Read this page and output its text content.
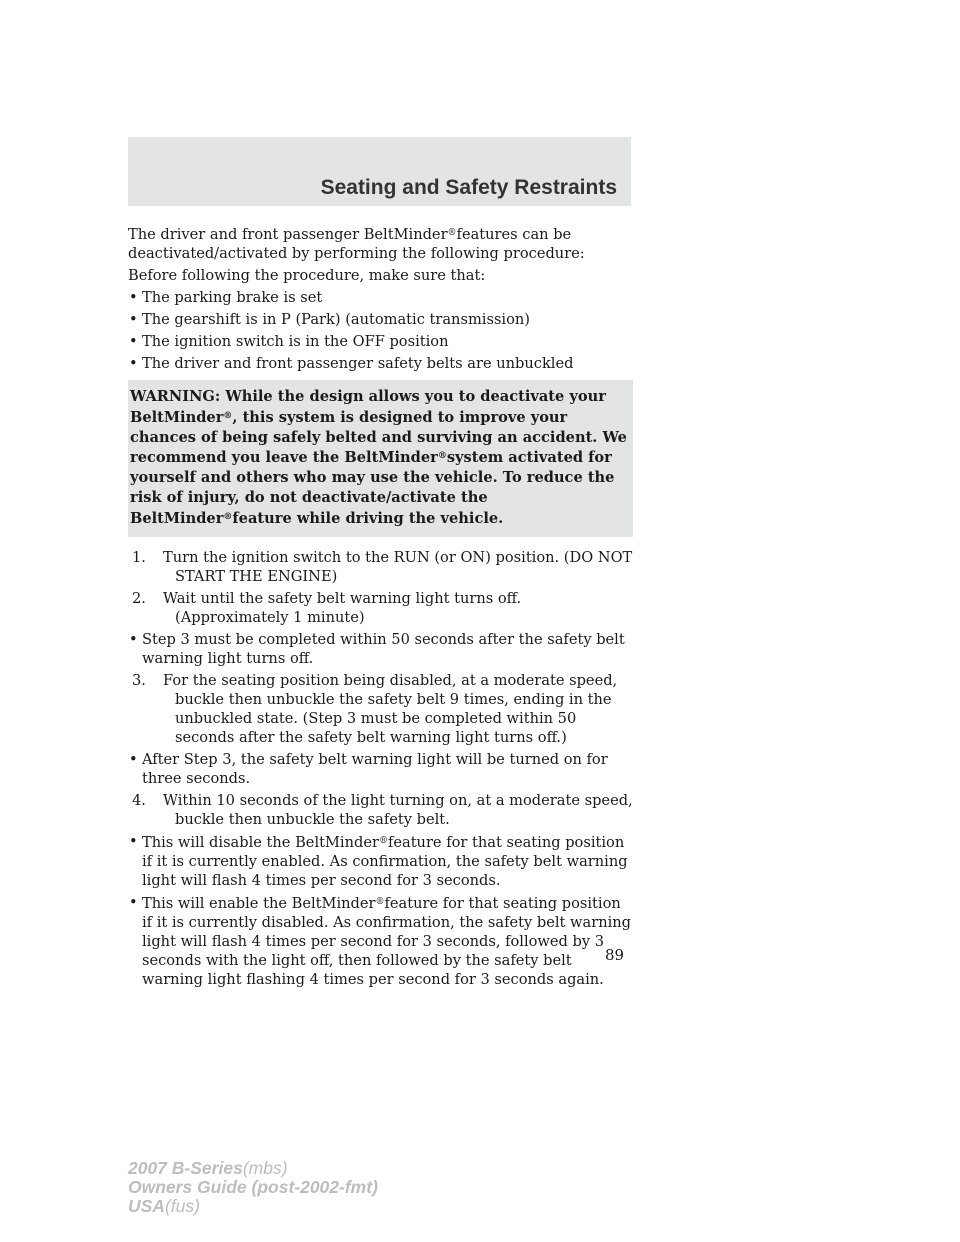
Seating and Safety Restraints

The driver and front passenger BeltMinder®features can be deactivated/activated by performing the following procedure:

Before following the procedure, make sure that:

• The parking brake is set

• The gearshift is in P (Park) (automatic transmission)

• The ignition switch is in the OFF position

• The driver and front passenger safety belts are unbuckled

WARNING: While the design allows you to deactivate your BeltMinder®, this system is designed to improve your chances of being safely belted and surviving an accident. We recommend you leave the BeltMinder®system activated for yourself and others who may use the vehicle. To reduce the risk of injury, do not deactivate/activate the BeltMinder®feature while driving the vehicle.

1. Turn the ignition switch to the RUN (or ON) position. (DO NOT START THE ENGINE)

2. Wait until the safety belt warning light turns off. (Approximately 1 minute)

• Step 3 must be completed within 50 seconds after the safety belt warning light turns off.

3. For the seating position being disabled, at a moderate speed, buckle then unbuckle the safety belt 9 times, ending in the unbuckled state. (Step 3 must be completed within 50 seconds after the safety belt warning light turns off.)

• After Step 3, the safety belt warning light will be turned on for three seconds.

4. Within 10 seconds of the light turning on, at a moderate speed, buckle then unbuckle the safety belt.

• This will disable the BeltMinder®feature for that seating position if it is currently enabled. As confirmation, the safety belt warning light will flash 4 times per second for 3 seconds.

• This will enable the BeltMinder®feature for that seating position if it is currently disabled. As confirmation, the safety belt warning light will flash 4 times per second for 3 seconds, followed by 3 seconds with the light off, then followed by the safety belt warning light flashing 4 times per second for 3 seconds again.

89
2007 B-Series(mbs)
Owners Guide (post-2002-fmt)
USA(fus)
